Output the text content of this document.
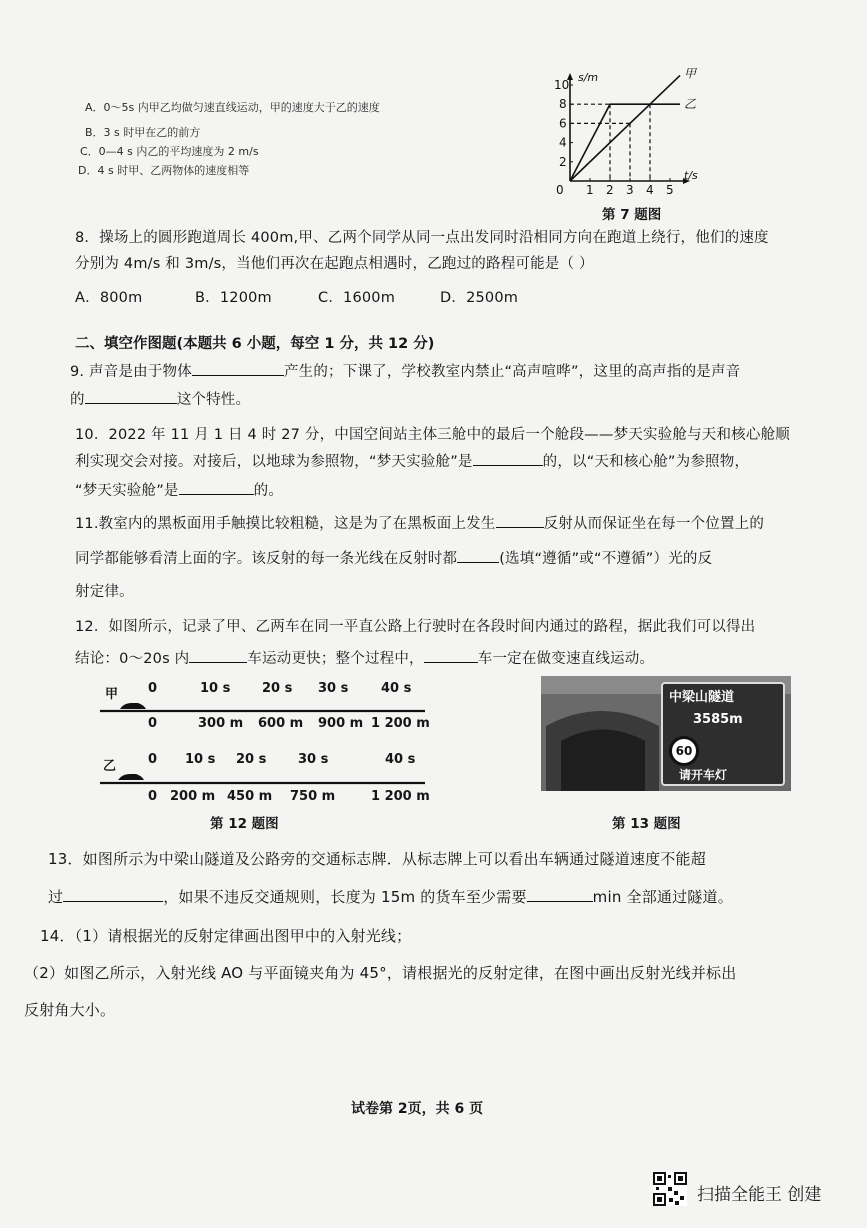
A．0～5s 内甲乙均做匀速直线运动，甲的速度大于乙的速度
B．3 s 时甲在乙的前方
C．0—4 s 内乙的平均速度为 2 m/s
D．4 s 时甲、乙两物体的速度相等
s/m
t/s
0 1 2 3 4 5
2
4
6
8
10
甲
乙
第 7 题图
8．操场上的圆形跑道周长 400m,甲、乙两个同学从同一点出发同时沿相同方向在跑道上绕行，他们的速度
分别为 4m/s 和 3m/s，当他们再次在起跑点相遇时，乙跑过的路程可能是（ ）
A．800m	B．1200m	C．1600m	D．2500m
二、填空作图题(本题共 6 小题，每空 1 分，共 12 分)
9. 声音是由于物体	产生的；下课了，学校教室内禁止“高声喧哗”，这里的高声指的是声音
的	这个特性。
10．2022 年 11 月 1 日 4 时 27 分，中国空间站主体三舱中的最后一个舱段——梦天实验舱与天和核心舱顺
利实现交会对接。对接后，以地球为参照物，“梦天实验舱”是	的，以“天和核心舱”为参照物，
“梦天实验舱”是	的。
11.教室内的黑板面用手触摸比较粗糙，这是为了在黑板面上发生	反射从而保证坐在每一个位置上的
同学都能够看清上面的字。该反射的每一条光线在反射时都	(选填“遵循”或“不遵循”）光的反
射定律。
12．如图所示，记录了甲、乙两车在同一平直公路上行驶时在各段时间内通过的路程，据此我们可以得出
结论：0～20s 内	车运动更快；整个过程中，	车一定在做变速直线运动。
甲 0	10 s 20 s 30 s	40 s
0	300 m 600 m 900 m 1 200 m
乙 0 10 s 20 s 30 s	40 s
0 200 m 450 m 750 m	1 200 m
第 12 题图
中梁山隧道
3585m
60
请开车灯
第 13 题图
13．如图所示为中梁山隧道及公路旁的交通标志牌．从标志牌上可以看出车辆通过隧道速度不能超
过	，如果不违反交通规则，长度为 15m 的货车至少需要	min 全部通过隧道。
14．（1）请根据光的反射定律画出图甲中的入射光线；
（2）如图乙所示，入射光线 AO 与平面镜夹角为 45°，请根据光的反射定律，在图中画出反射光线并标出
反射角大小。
试卷第 2页，共 6 页
扫描全能王 创建
